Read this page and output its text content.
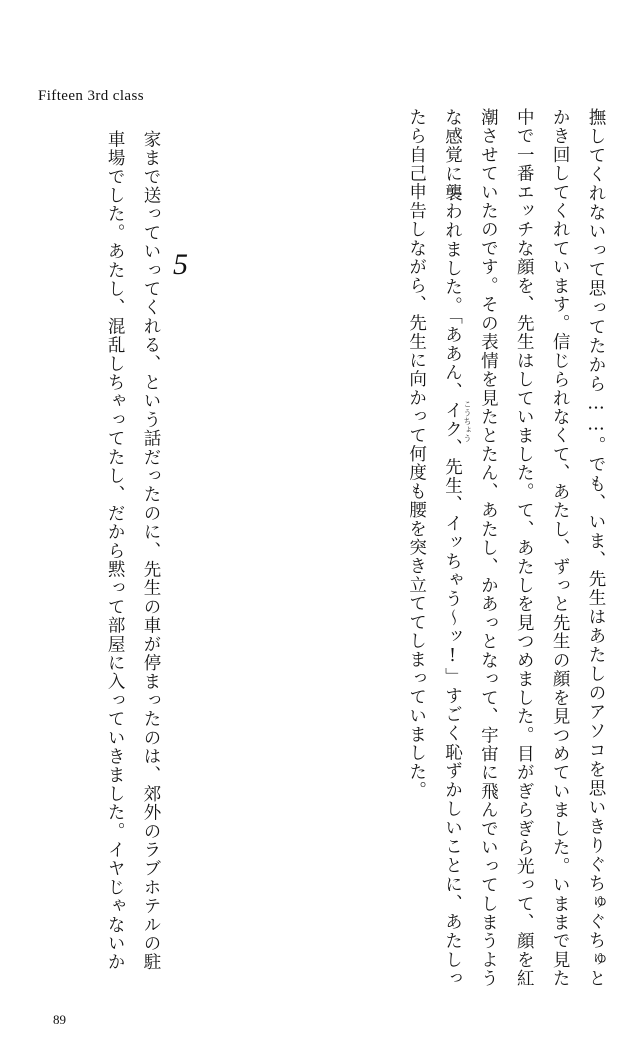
Fifteen 3rd class

撫してくれないって思ってたから……。でも、いま、先生はあたしのアソコを思いきりぐちゅぐちゅとかき回してくれています。信じられなくて、あたし、ずっと先生の顔を見つめていました。いままで見た中で一番エッチな顔を、先生はしていました。て、あたしを見つめました。目がぎらぎら光って、顔を紅潮させていたのです。その表情を見たとたん、あたし、かあっとなって、宇宙に飛んでいってしまうような感覚に襲われました。「ああん、イク、先生、イッちゃう～ッ!」すごく恥ずかしいことに、あたしったら自己申告しながら、先生に向かって何度も腰を突き立ててしまっていました。	こうちょう
5

家まで送っていってくれる、という話だったのに、先生の車が停まったのは、郊外のラブホテルの駐車場でした。あたし、混乱しちゃってたし、だから黙って部屋に入っていきました。イヤじゃないか

89
